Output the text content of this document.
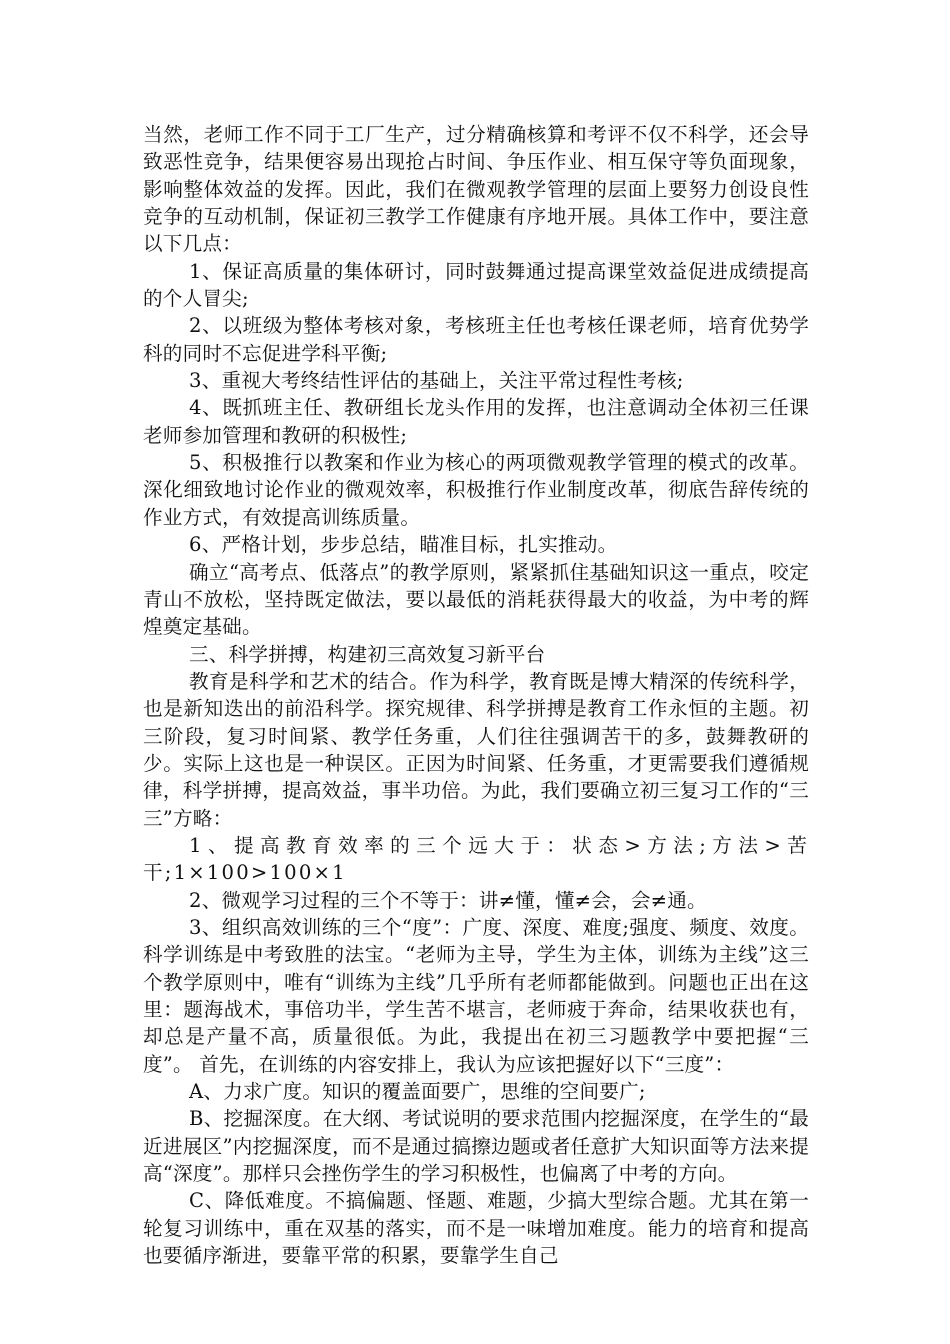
当然，老师工作不同于工厂生产，过分精确核算和考评不仅不科学，还会导致恶性竞争，结果便容易出现抢占时间、争压作业、相互保守等负面现象，影响整体效益的发挥。因此，我们在微观教学管理的层面上要努力创设良性竞争的互动机制，保证初三教学工作健康有序地开展。具体工作中，要注意以下几点：

1、保证高质量的集体研讨，同时鼓舞通过提高课堂效益促进成绩提高的个人冒尖;

2、以班级为整体考核对象，考核班主任也考核任课老师，培育优势学科的同时不忘促进学科平衡;

3、重视大考终结性评估的基础上，关注平常过程性考核;

4、既抓班主任、教研组长龙头作用的发挥，也注意调动全体初三任课老师参加管理和教研的积极性;

5、积极推行以教案和作业为核心的两项微观教学管理的模式的改革。深化细致地讨论作业的微观效率，积极推行作业制度改革，彻底告辞传统的作业方式，有效提高训练质量。

6、严格计划，步步总结，瞄准目标，扎实推动。

确立“高考点、低落点”的教学原则，紧紧抓住基础知识这一重点，咬定青山不放松，坚持既定做法，要以最低的消耗获得最大的收益，为中考的辉煌奠定基础。

三、科学拼搏，构建初三高效复习新平台

教育是科学和艺术的结合。作为科学，教育既是博大精深的传统科学，也是新知迭出的前沿科学。探究规律、科学拼搏是教育工作永恒的主题。初三阶段，复习时间紧、教学任务重，人们往往强调苦干的多，鼓舞教研的少。实际上这也是一种误区。正因为时间紧、任务重，才更需要我们遵循规律，科学拼搏，提高效益，事半功倍。为此，我们要确立初三复习工作的“三三”方略：

1、提高教育效率的三个远大于：状态>方法;方法>苦干;1×100>100×1

2、微观学习过程的三个不等于：讲≠懂，懂≠会，会≠通。

3、组织高效训练的三个“度”：广度、深度、难度;强度、频度、效度。 科学训练是中考致胜的法宝。“老师为主导，学生为主体，训练为主线”这三个教学原则中，唯有“训练为主线”几乎所有老师都能做到。问题也正出在这里：题海战术，事倍功半，学生苦不堪言，老师疲于奔命，结果收获也有，却总是产量不高，质量很低。为此，我提出在初三习题教学中要把握“三度”。 首先，在训练的内容安排上，我认为应该把握好以下“三度”：

A、力求广度。知识的覆盖面要广，思维的空间要广;

B、挖掘深度。在大纲、考试说明的要求范围内挖掘深度，在学生的“最近进展区”内挖掘深度，而不是通过搞擦边题或者任意扩大知识面等方法来提高“深度”。那样只会挫伤学生的学习积极性，也偏离了中考的方向。

C、降低难度。不搞偏题、怪题、难题，少搞大型综合题。尤其在第一轮复习训练中，重在双基的落实，而不是一味增加难度。能力的培育和提高也要循序渐进，要靠平常的积累，要靠学生自己
